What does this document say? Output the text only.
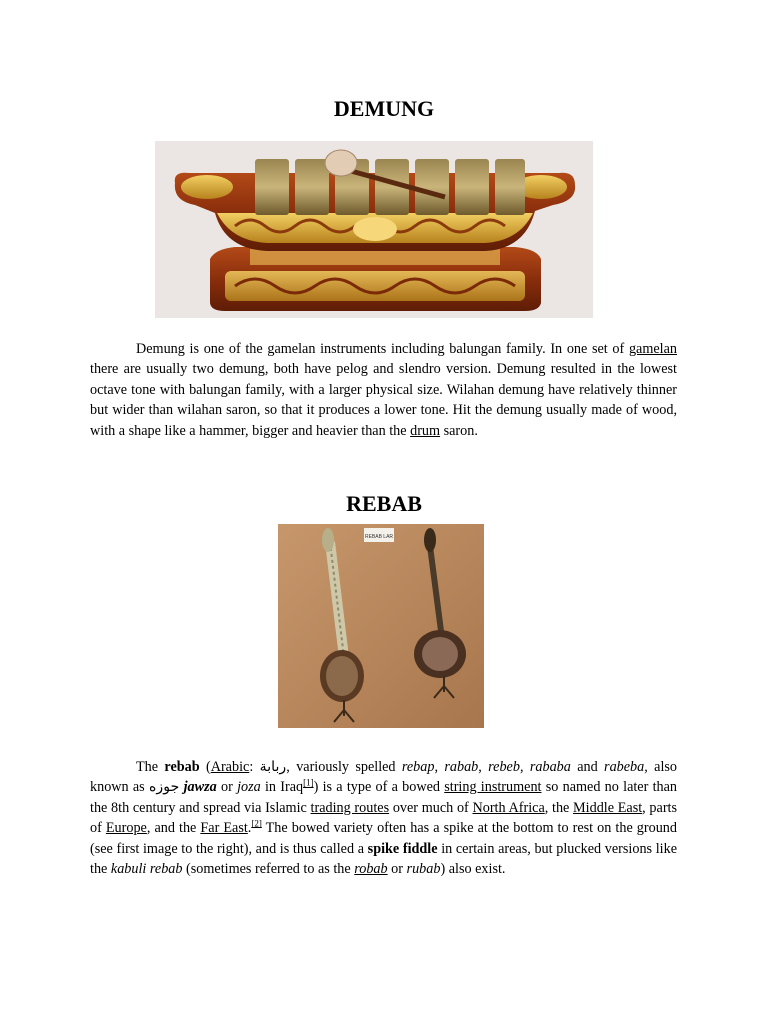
DEMUNG

Demung is one of the gamelan instruments including balungan family. In one set of gamelan there are usually two demung, both have pelog and slendro version. Demung resulted in the lowest octave tone with balungan family, with a larger physical size. Wilahan demung have relatively thinner but wider than wilahan saron, so that it produces a lower tone. Hit the demung usually made of wood, with a shape like a hammer, bigger and heavier than the drum saron.

REBAB
REBAB LAR

The rebab (Arabic: ربابة, variously spelled rebap, rabab, rebeb, rababa and rabeba, also known as جوزه jawza or joza in Iraq[1]) is a type of a bowed string instrument so named no later than the 8th century and spread via Islamic trading routes over much of North Africa, the Middle East, parts of Europe, and the Far East.[2] The bowed variety often has a spike at the bottom to rest on the ground (see first image to the right), and is thus called a spike fiddle in certain areas, but plucked versions like the kabuli rebab (sometimes referred to as the robab or rubab) also exist.
